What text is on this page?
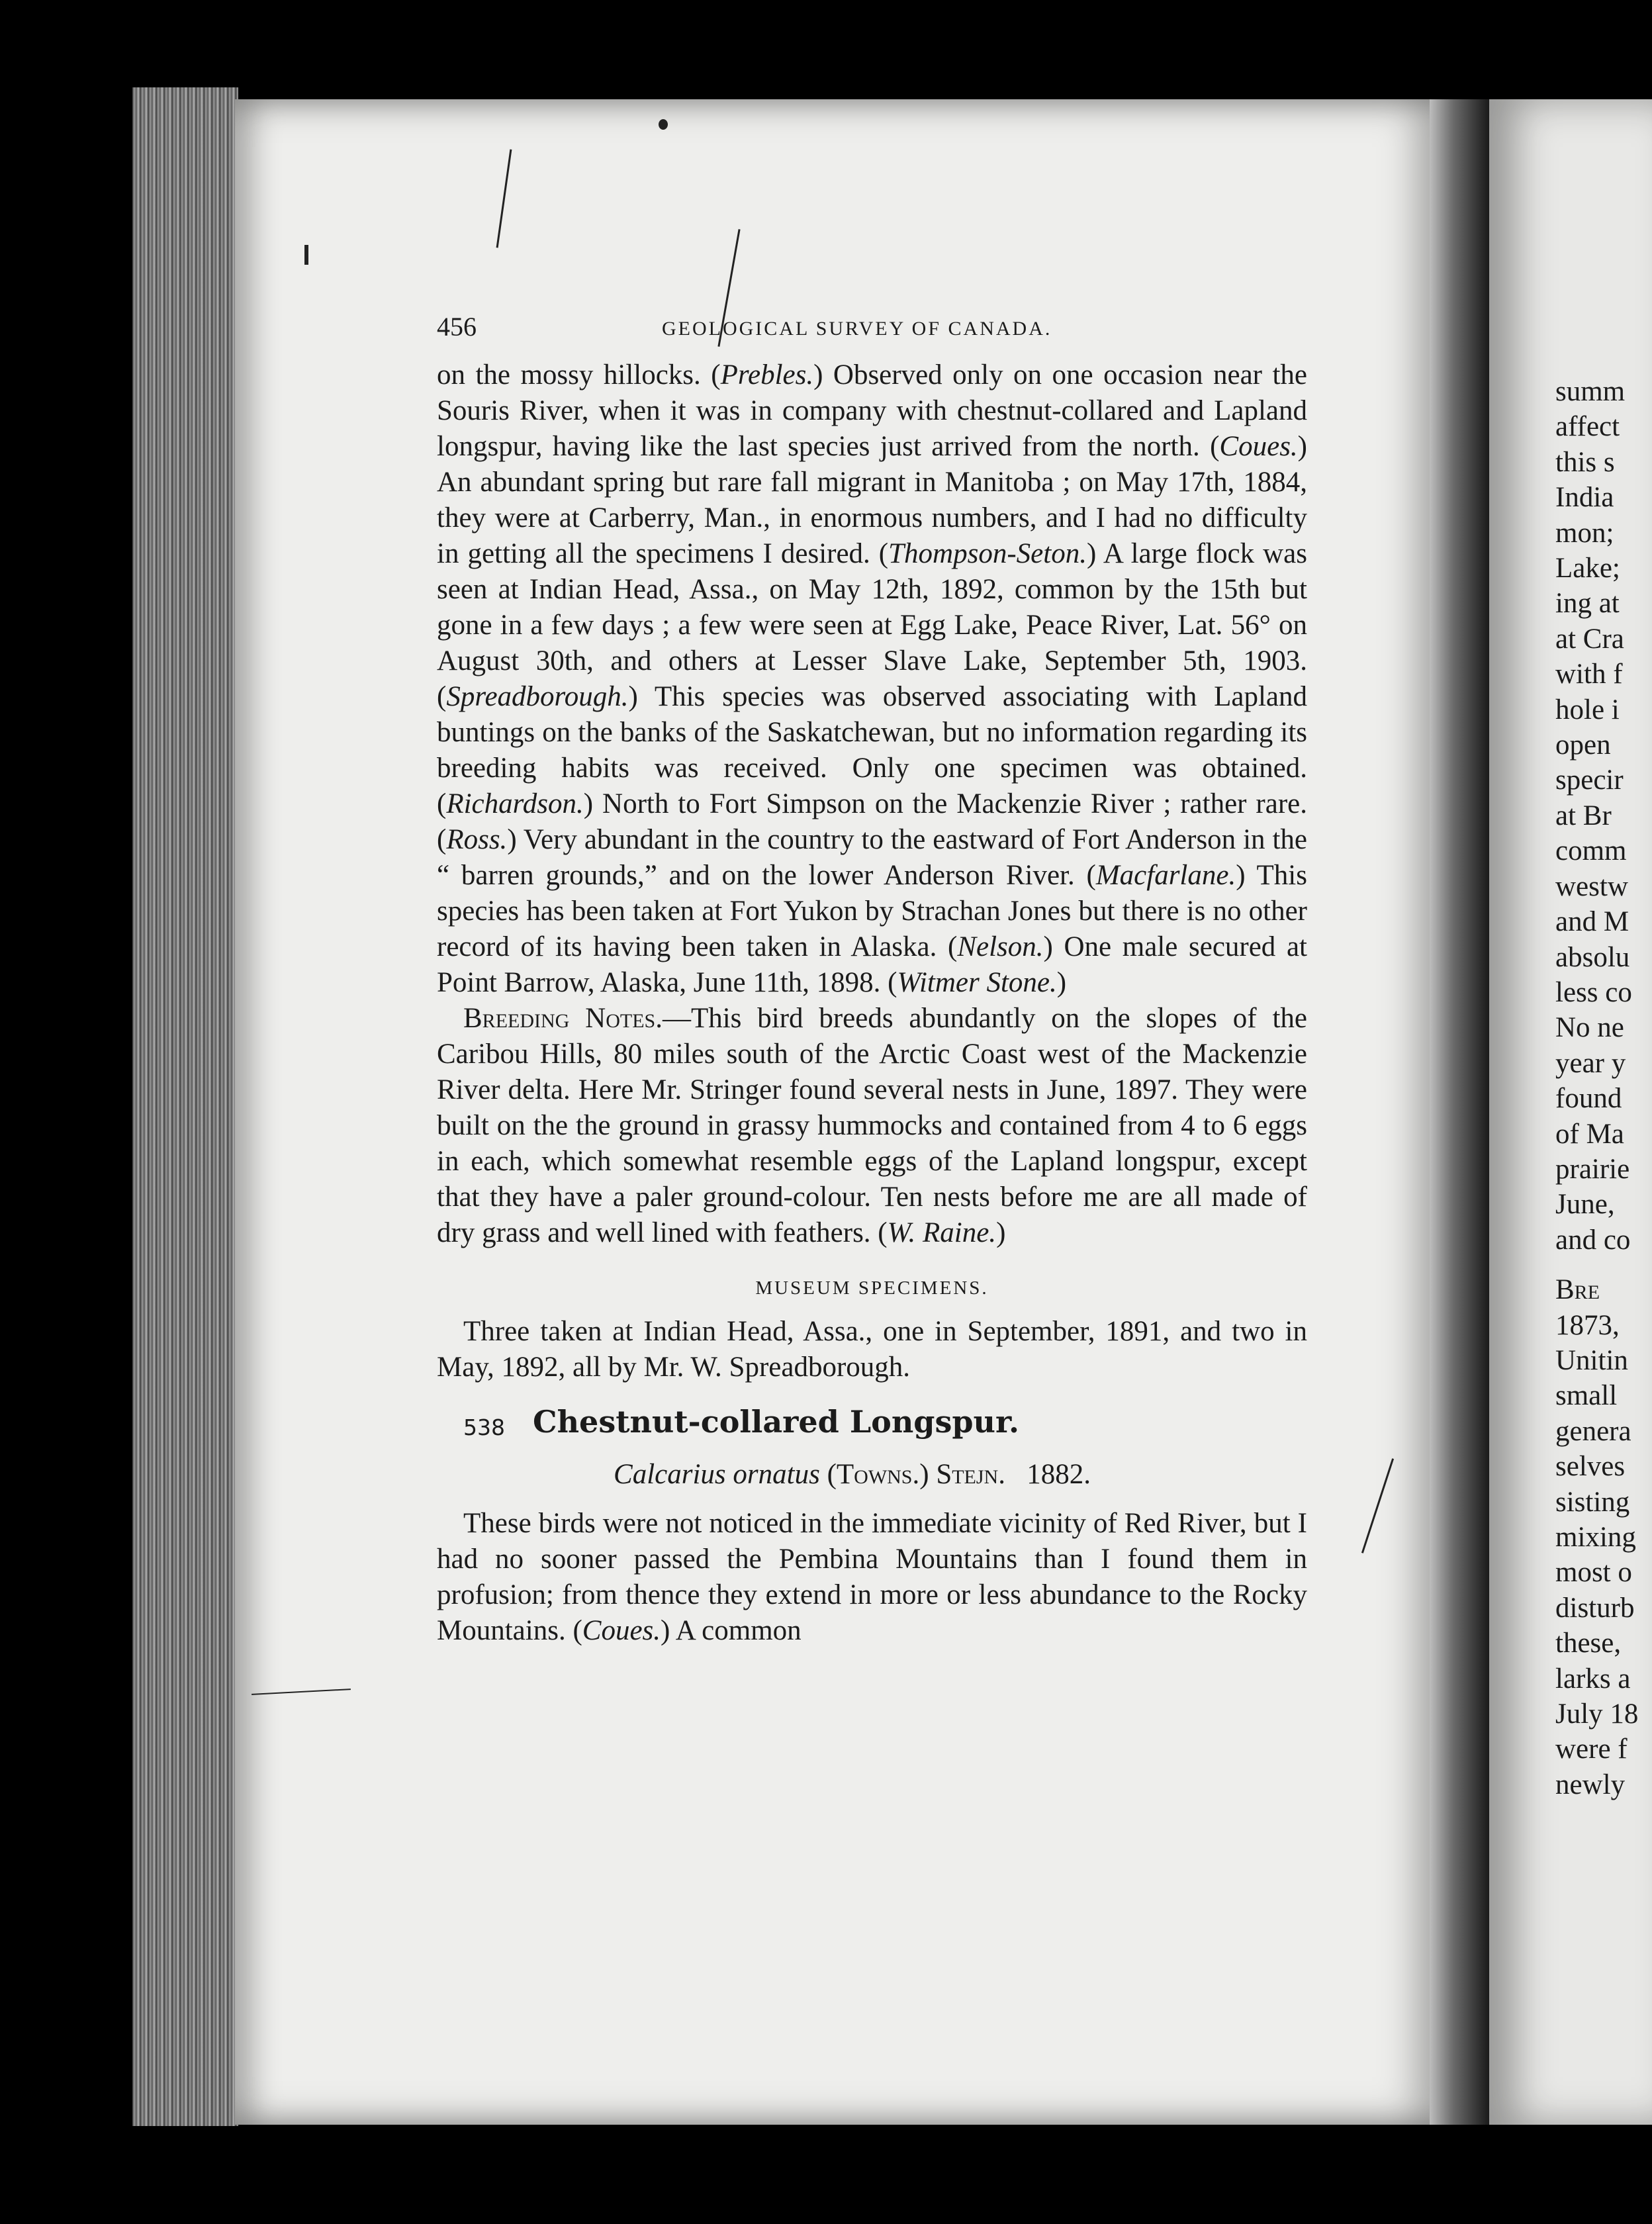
summ
affect
this s
India
mon;
Lake;
ing at
at Cra
with f
hole i
open
specir
at Br
comm
westw
and M
absolu
less co
No ne
year y
found
of Ma
prairie
June,
and co
Bre
1873,
Unitin
small
genera
selves
sisting
mixing
most o
disturb
these,
larks a
July 18
were f
newly
456	GEOLOGICAL SURVEY OF CANADA.

on the mossy hillocks. (Prebles.) Observed only on one occasion near the Souris River, when it was in company with chestnut-collared and Lapland longspur, having like the last species just arrived from the north. (Coues.) An abundant spring but rare fall migrant in Manitoba ; on May 17th, 1884, they were at Carberry, Man., in enormous numbers, and I had no difficulty in getting all the specimens I desired. (Thompson-Seton.) A large flock was seen at Indian Head, Assa., on May 12th, 1892, common by the 15th but gone in a few days ; a few were seen at Egg Lake, Peace River, Lat. 56° on August 30th, and others at Lesser Slave Lake, September 5th, 1903. (Spreadborough.) This species was observed associating with Lapland buntings on the banks of the Saskatchewan, but no information regarding its breeding habits was received. Only one specimen was obtained. (Richardson.) North to Fort Simpson on the Mackenzie River ; rather rare. (Ross.) Very abundant in the country to the eastward of Fort Anderson in the “ barren grounds,” and on the lower Anderson River. (Macfarlane.) This species has been taken at Fort Yukon by Strachan Jones but there is no other record of its having been taken in Alaska. (Nelson.) One male secured at Point Barrow, Alaska, June 11th, 1898. (Witmer Stone.)

Breeding Notes.—This bird breeds abundantly on the slopes of the Caribou Hills, 80 miles south of the Arctic Coast west of the Mackenzie River delta. Here Mr. Stringer found several nests in June, 1897. They were built on the the ground in grassy hummocks and contained from 4 to 6 eggs in each, which somewhat resemble eggs of the Lapland longspur, except that they have a paler ground-colour. Ten nests before me are all made of dry grass and well lined with feathers. (W. Raine.)

MUSEUM SPECIMENS.

Three taken at Indian Head, Assa., one in September, 1891, and two in May, 1892, all by Mr. W. Spreadborough.

538 Chestnut-collared Longspur.
Calcarius ornatus (Towns.) Stejn. 1882.

These birds were not noticed in the immediate vicinity of Red River, but I had no sooner passed the Pembina Mountains than I found them in profusion; from thence they extend in more or less abundance to the Rocky Mountains. (Coues.) A common
